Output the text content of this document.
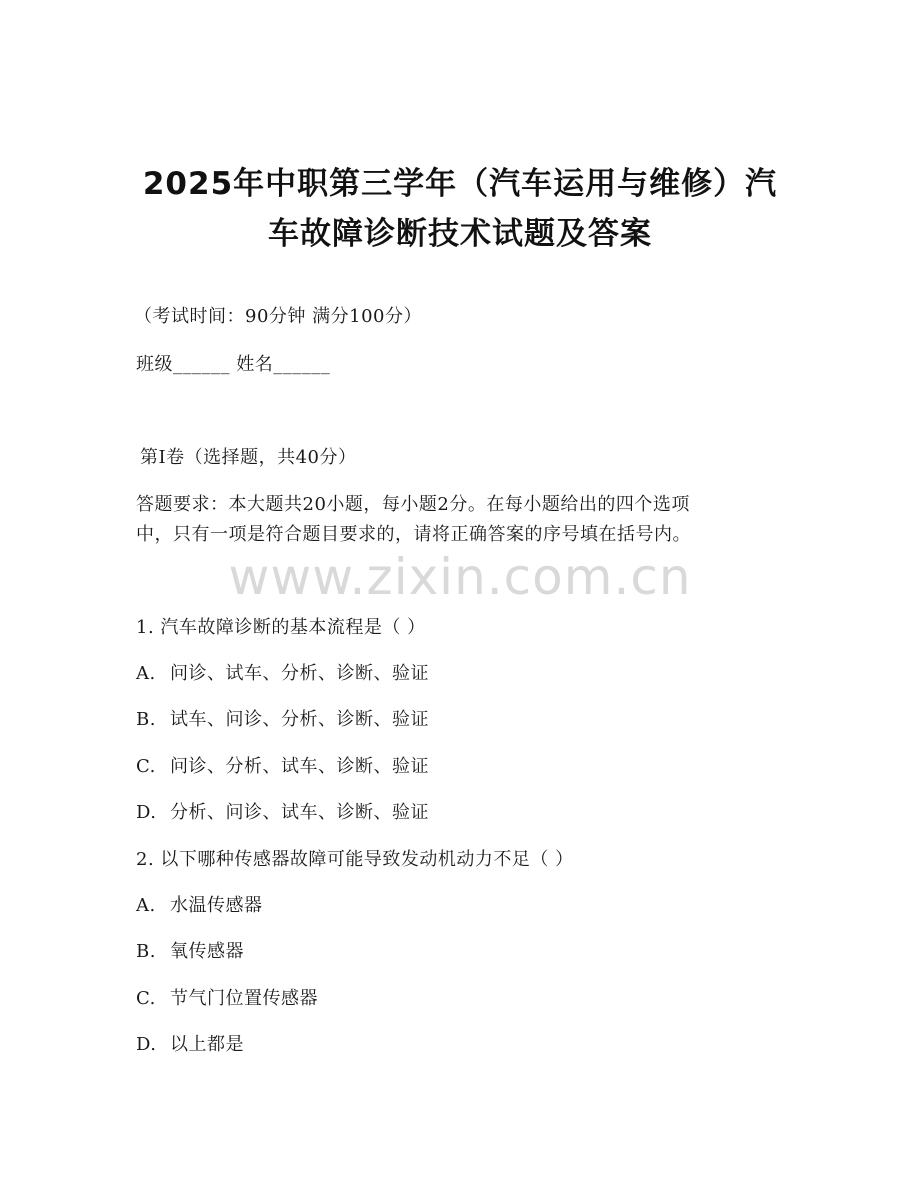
2025年中职第三学年（汽车运用与维修）汽
车故障诊断技术试题及答案
（考试时间：90分钟 满分100分）
班级______ 姓名______
第Ⅰ卷（选择题，共40分）
答题要求：本大题共20小题，每小题2分。在每小题给出的四个选项
中，只有一项是符合题目要求的，请将正确答案的序号填在括号内。
www.zixin.com.cn
1. 汽车故障诊断的基本流程是（ ）
A. 问诊、试车、分析、诊断、验证
B. 试车、问诊、分析、诊断、验证
C. 问诊、分析、试车、诊断、验证
D. 分析、问诊、试车、诊断、验证
2. 以下哪种传感器故障可能导致发动机动力不足（ ）
A. 水温传感器
B. 氧传感器
C. 节气门位置传感器
D. 以上都是
